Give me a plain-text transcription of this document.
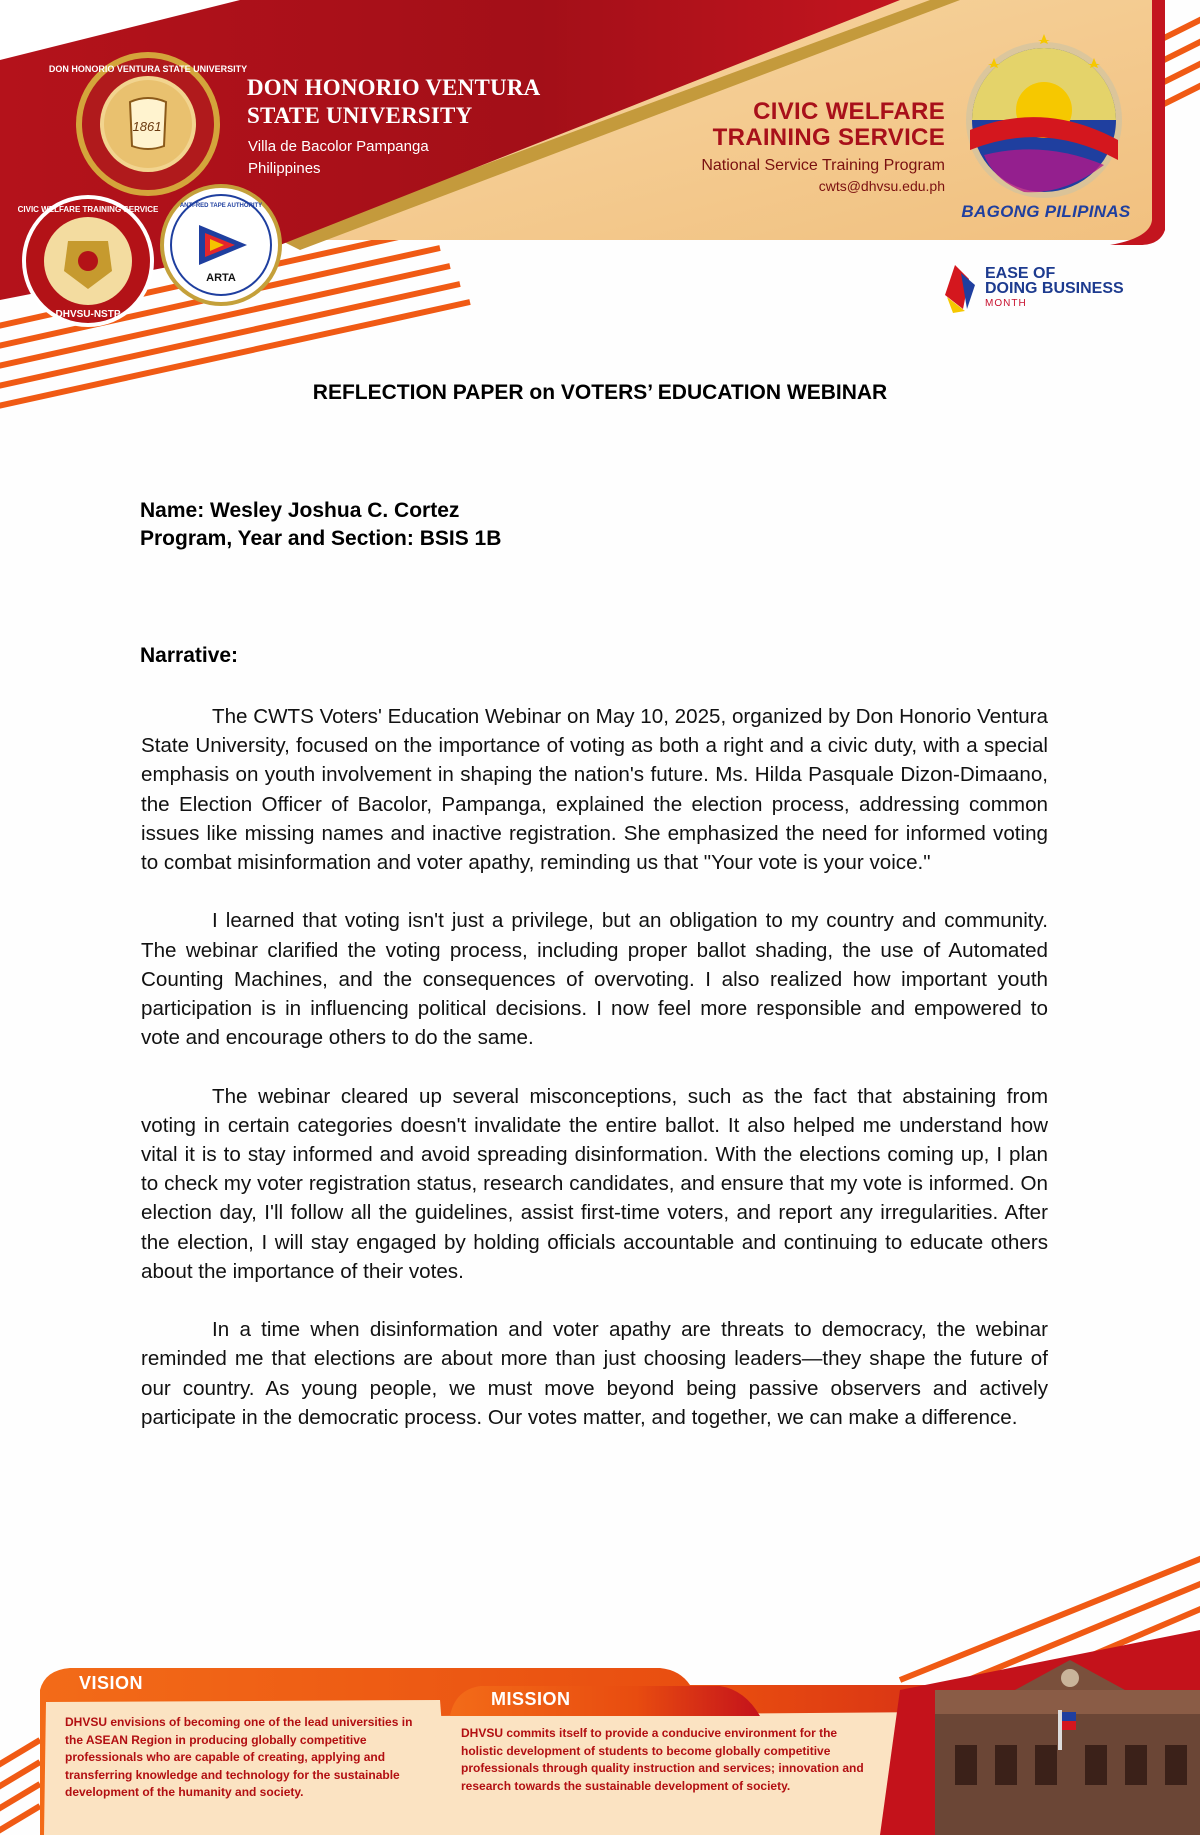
1861
DON HONORIO VENTURA STATE UNIVERSITY
CIVIC WELFARE TRAINING SERVICE
DHVSU-NSTP
ARTA
ANTI-RED TAPE AUTHORITY
DON HONORIO VENTURA
STATE UNIVERSITY
Villa de Bacolor Pampanga
Philippines
CIVIC WELFARE
TRAINING SERVICE
National Service Training Program
cwts@dhvsu.edu.ph
BAGONG PILIPINAS
EASE OF
DOING BUSINESS
MONTH
REFLECTION PAPER on VOTERS’ EDUCATION WEBINAR
Name: Wesley Joshua C. Cortez
Program, Year and Section: BSIS 1B
Narrative:

The CWTS Voters' Education Webinar on May 10, 2025, organized by Don Honorio Ventura State University, focused on the importance of voting as both a right and a civic duty, with a special emphasis on youth involvement in shaping the nation's future. Ms. Hilda Pasquale Dizon-Dimaano, the Election Officer of Bacolor, Pampanga, explained the election process, addressing common issues like missing names and inactive registration. She emphasized the need for informed voting to combat misinformation and voter apathy, reminding us that "Your vote is your voice."

I learned that voting isn't just a privilege, but an obligation to my country and community. The webinar clarified the voting process, including proper ballot shading, the use of Automated Counting Machines, and the consequences of overvoting. I also realized how important youth participation is in influencing political decisions. I now feel more responsible and empowered to vote and encourage others to do the same.

The webinar cleared up several misconceptions, such as the fact that abstaining from voting in certain categories doesn't invalidate the entire ballot. It also helped me understand how vital it is to stay informed and avoid spreading disinformation. With the elections coming up, I plan to check my voter registration status, research candidates, and ensure that my vote is informed. On election day, I'll follow all the guidelines, assist first-time voters, and report any irregularities. After the election, I will stay engaged by holding officials accountable and continuing to educate others about the importance of their votes.

In a time when disinformation and voter apathy are threats to democracy, the webinar reminded me that elections are about more than just choosing leaders—they shape the future of our country. As young people, we must move beyond being passive observers and actively participate in the democratic process. Our votes matter, and together, we can make a difference.

VISION
DHVSU envisions of becoming one of the lead universities in the ASEAN Region in producing globally competitive professionals who are capable of creating, applying and transferring knowledge and technology for the sustainable development of the humanity and society.
MISSION
DHVSU commits itself to provide a conducive environment for the holistic development of students to become globally competitive professionals through quality instruction and services; innovation and research towards the sustainable development of society.
